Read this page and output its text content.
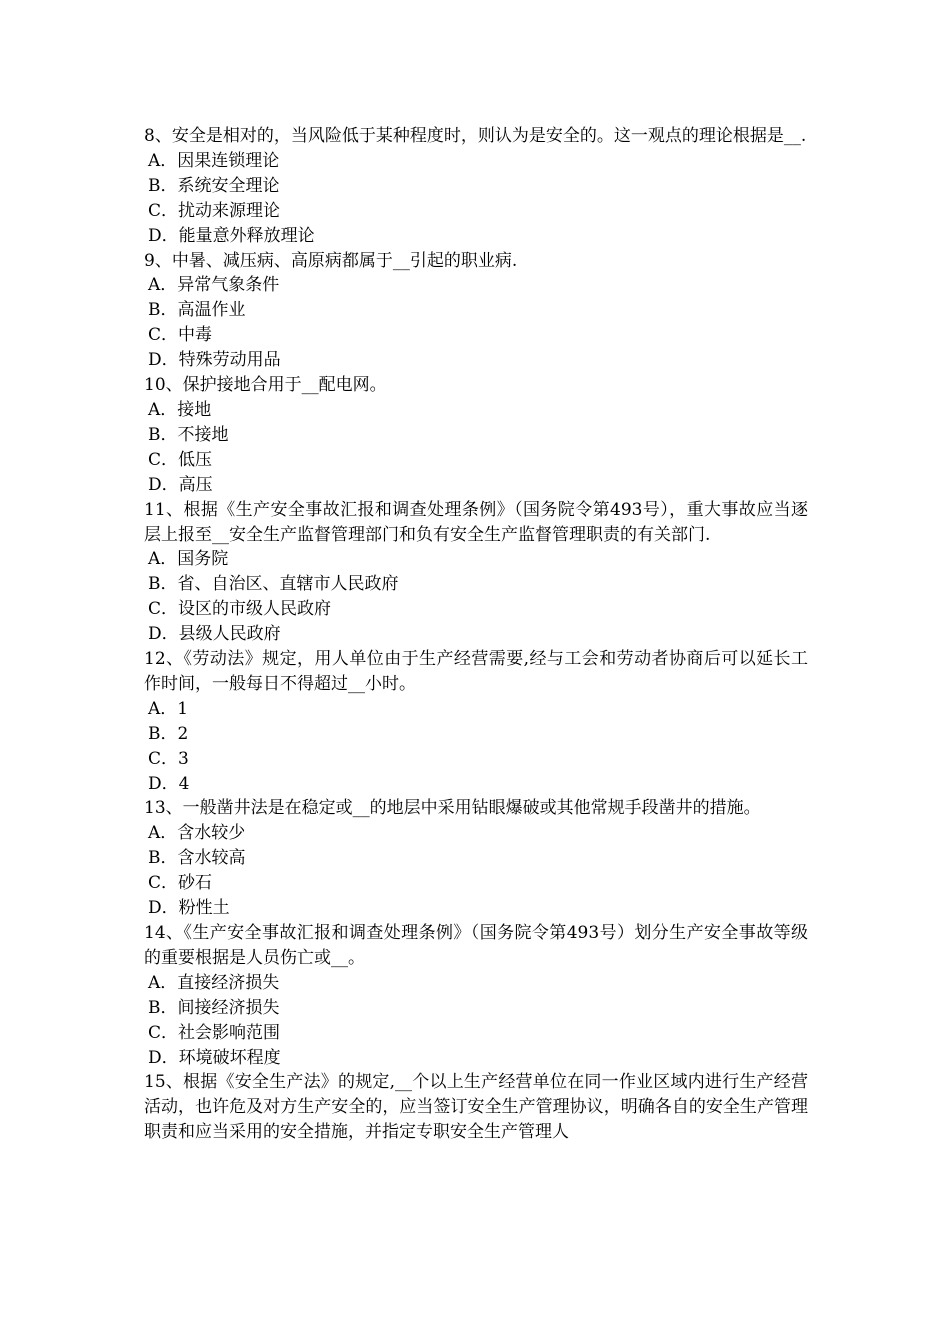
8、安全是相对的，当风险低于某种程度时，则认为是安全的。这一观点的理论根据是__.
A．因果连锁理论
B．系统安全理论
C．扰动来源理论
D．能量意外释放理论
9、中暑、减压病、高原病都属于__引起的职业病.
A．异常气象条件
B．高温作业
C．中毒
D．特殊劳动用品
10、保护接地合用于__配电网。
A．接地
B．不接地
C．低压
D．高压
11、根据《生产安全事故汇报和调查处理条例》（国务院令第493号），重大事故应当逐层上报至__安全生产监督管理部门和负有安全生产监督管理职责的有关部门.
A．国务院
B．省、自治区、直辖市人民政府
C．设区的市级人民政府
D．县级人民政府
12、《劳动法》规定，用人单位由于生产经营需要,经与工会和劳动者协商后可以延长工作时间，一般每日不得超过__小时。
A．1
B．2
C．3
D．4
13、一般凿井法是在稳定或__的地层中采用钻眼爆破或其他常规手段凿井的措施。
A．含水较少
B．含水较高
C．砂石
D．粉性土
14、《生产安全事故汇报和调查处理条例》（国务院令第493号）划分生产安全事故等级的重要根据是人员伤亡或__。
A．直接经济损失
B．间接经济损失
C．社会影响范围
D．环境破坏程度
15、根据《安全生产法》的规定,__个以上生产经营单位在同一作业区域内进行生产经营活动，也许危及对方生产安全的，应当签订安全生产管理协议，明确各自的安全生产管理职责和应当采用的安全措施，并指定专职安全生产管理人
